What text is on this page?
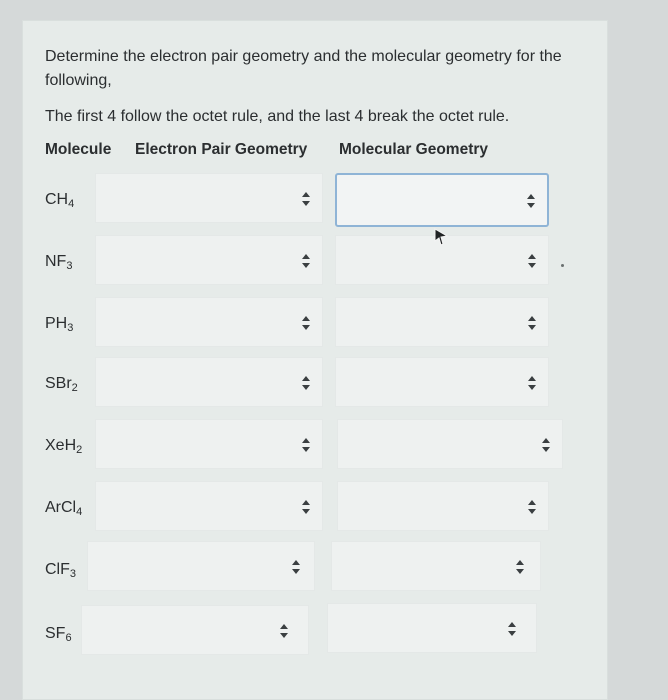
Determine the electron pair geometry and the molecular geometry for the following,

The first 4 follow the octet rule, and the last 4 break the octet rule.

Molecule Electron Pair Geometry Molecular Geometry
$CH_4$
$NF_3$
$PH_3$
SBr$_2$
XeH$_2$
ArCl$_4$
ClF$_3$
$SF_6$
